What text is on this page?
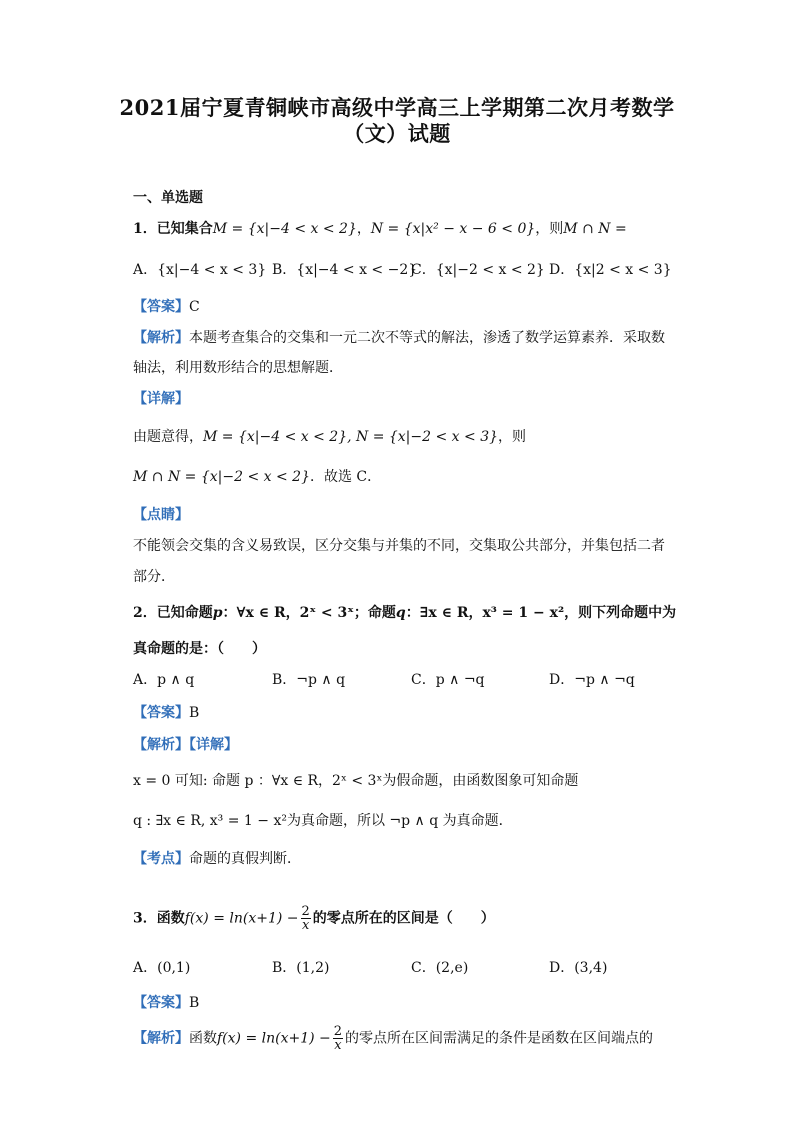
2021届宁夏青铜峡市高级中学高三上学期第二次月考数学
（文）试题
一、单选题
1．已知集合M = {x|−4 < x < 2}，N = {x|x² − x − 6 < 0}，则M ∩ N =
A．{x|−4 < x < 3} B．{x|−4 < x < −2}
C．{x|−2 < x < 2} D．{x|2 < x < 3}
【答案】C
【解析】本题考查集合的交集和一元二次不等式的解法，渗透了数学运算素养．采取数
轴法，利用数形结合的思想解题．
【详解】
由题意得，M = {x|−4 < x < 2}, N = {x|−2 < x < 3}，则
M ∩ N = {x|−2 < x < 2}．故选 C．
【点睛】
不能领会交集的含义易致误，区分交集与并集的不同，交集取公共部分，并集包括二者
部分．
2．已知命题p：∀x ∈ R，2ˣ < 3ˣ；命题q：∃x ∈ R，x³ = 1 − x²，则下列命题中为
真命题的是：（　　）
A．p ∧ q	B．¬p ∧ q	C．p ∧ ¬q	D．¬p ∧ ¬q
【答案】B
【解析】【详解】
x = 0 可知: 命题 p ：∀x ∈ R，2ˣ < 3ˣ为假命题，由函数图象可知命题
q : ∃x ∈ R, x³ = 1 − x²为真命题，所以 ¬p ∧ q 为真命题．
【考点】命题的真假判断．
3．函数$f(x) = \ln(x+1) - \frac{2}{x}$ 的零点所在的区间是（　　）
A．(0,1)	B．(1,2)	C．(2,e)	D．(3,4)
【答案】B
【解析】函数$f(x) = \ln(x+1) - \frac{2}{x}$ 的零点所在区间需满足的条件是函数在区间端点的
